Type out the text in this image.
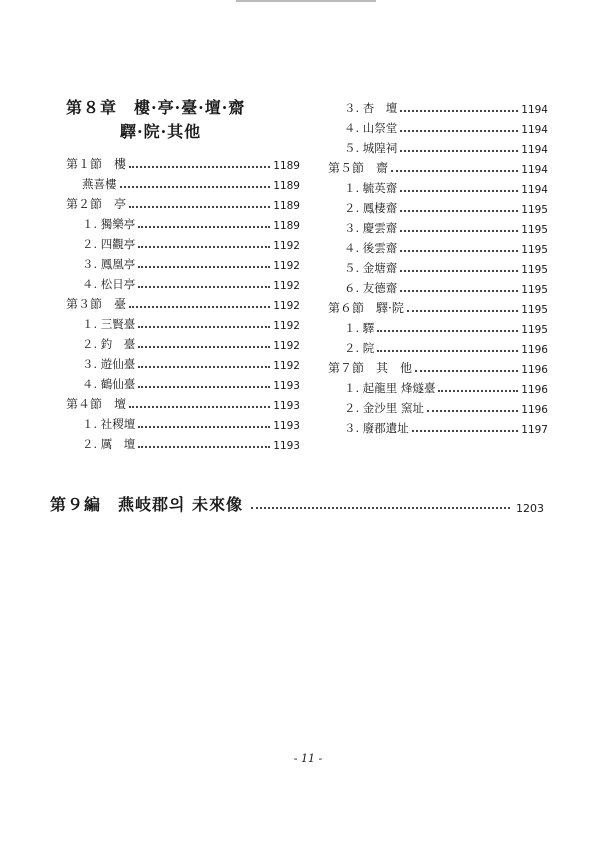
第８章　樓·亭·臺·壇·齋
驛·院·其他
第１節　樓	1189
燕喜樓	1189
第２節　亭	1189
１. 獨樂亭	1189
２. 四觀亭	1192
３. 鳳凰亭	1192
４. 松日亭	1192
第３節　臺	1192
１. 三賢臺	1192
２. 釣　臺	1192
３. 遊仙臺	1192
４. 鶴仙臺	1193
第４節　壇	1193
１. 社稷壇	1193
２. 厲　壇	1193
３. 杏　壇	1194
４. 山祭堂	1194
５. 城隍祠	1194
第５節　齋	1194
１. 毓英齋	1194
２. 鳳棲齋	1195
３. 慶雲齋	1195
４. 後雲齋	1195
５. 金塘齋	1195
６. 友德齋	1195
第６節　驛·院	1195
１. 驛	1195
２. 院	1196
第７節　其　他	1196
１. 起龍里 烽燧臺	1196
２. 金沙里 窯址	1196
３. 廢郡遺址	1197
第９編　燕岐郡의 未來像	1203
- 11 -
